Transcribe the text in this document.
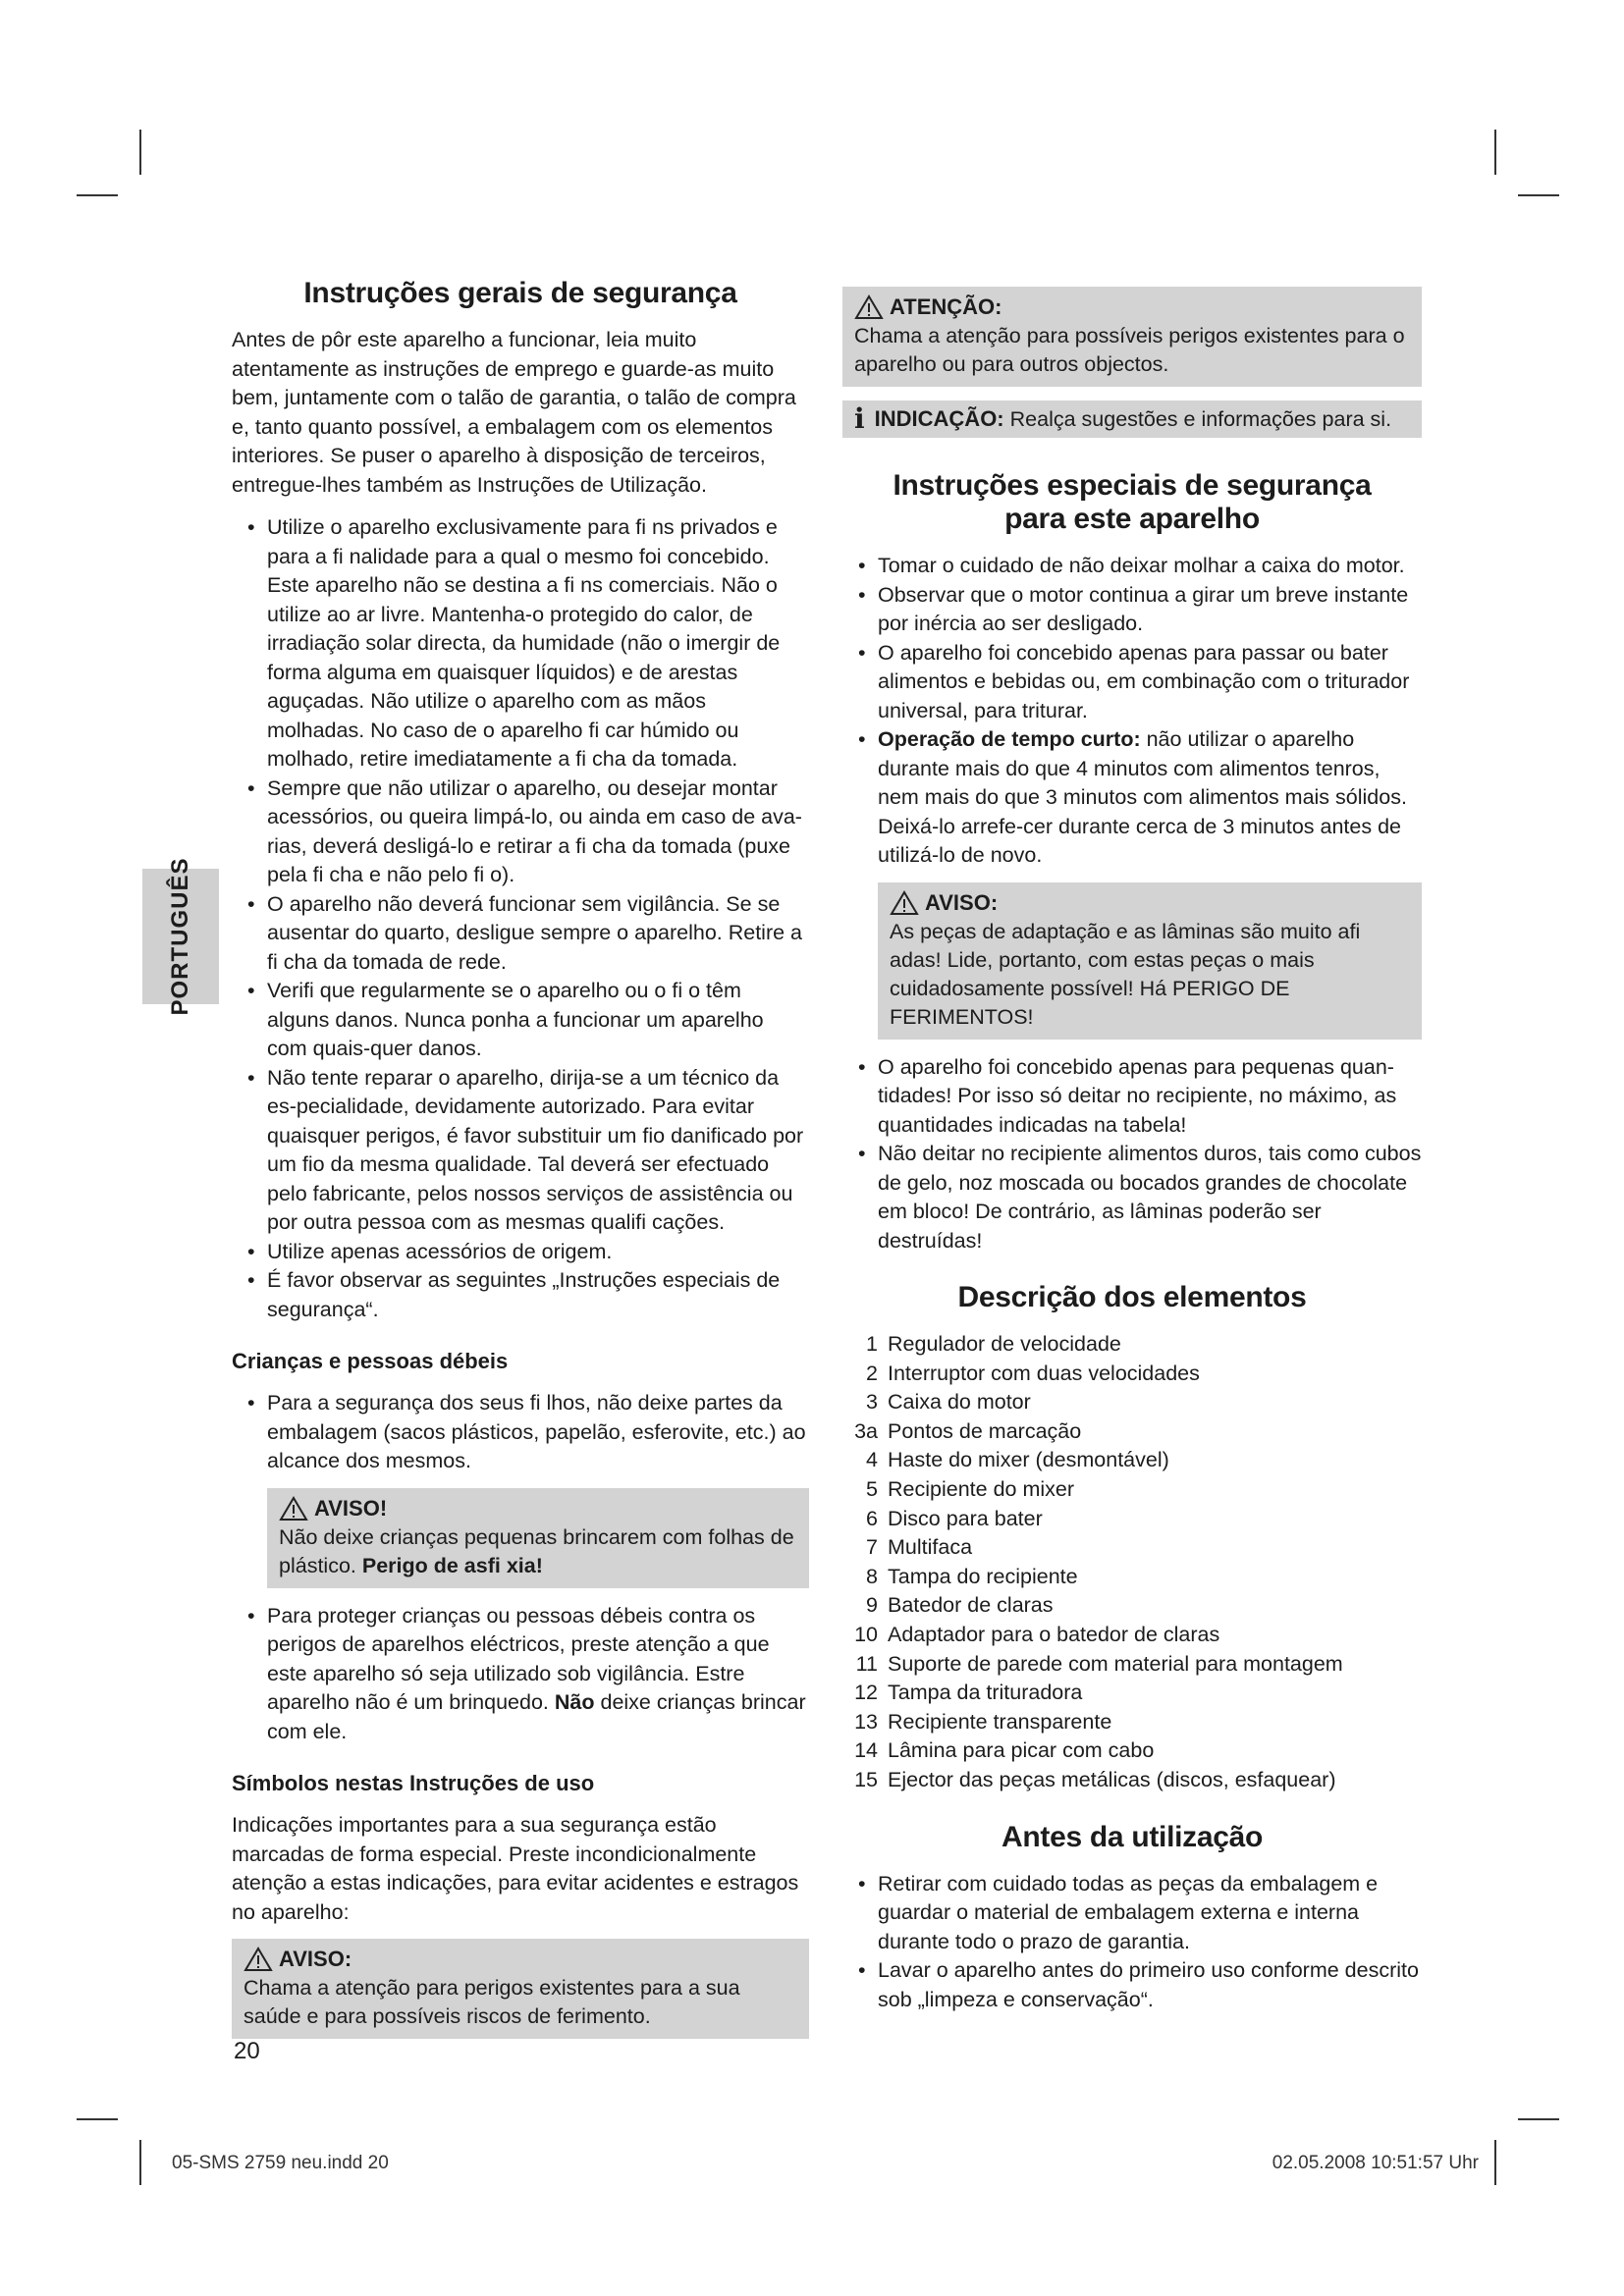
PORTUGUÊS
Instruções gerais de segurança

Antes de pôr este aparelho a funcionar, leia muito atentamente as instruções de emprego e guarde-as muito bem, juntamente com o talão de garantia, o talão de compra e, tanto quanto possível, a embalagem com os elementos interiores. Se puser o aparelho à disposição de terceiros, entregue-lhes também as Instruções de Utilização.

• Utilize o aparelho exclusivamente para fi ns privados e para a fi nalidade para a qual o mesmo foi concebido. Este aparelho não se destina a fi ns comerciais. Não o utilize ao ar livre. Mantenha-o protegido do calor, de irradiação solar directa, da humidade (não o imergir de forma alguma em quaisquer líquidos) e de arestas aguçadas. Não utilize o aparelho com as mãos molhadas. No caso de o aparelho fi car húmido ou molhado, retire imediatamente a fi cha da tomada.
• Sempre que não utilizar o aparelho, ou desejar montar acessórios, ou queira limpá-lo, ou ainda em caso de ava-rias, deverá desligá-lo e retirar a fi cha da tomada (puxe pela fi cha e não pelo fi o).
• O aparelho não deverá funcionar sem vigilância. Se se ausentar do quarto, desligue sempre o aparelho. Retire a fi cha da tomada de rede.
• Verifi que regularmente se o aparelho ou o fi o têm alguns danos. Nunca ponha a funcionar um aparelho com quais-quer danos.
• Não tente reparar o aparelho, dirija-se a um técnico da es-pecialidade, devidamente autorizado. Para evitar quaisquer perigos, é favor substituir um fio danificado por um fio da mesma qualidade. Tal deverá ser efectuado pelo fabricante, pelos nossos serviços de assistência ou por outra pessoa com as mesmas qualifi cações.
• Utilize apenas acessórios de origem.
• É favor observar as seguintes „Instruções especiais de segurança“.
Crianças e pessoas débeis
• Para a segurança dos seus fi lhos, não deixe partes da embalagem (sacos plásticos, papelão, esferovite, etc.) ao alcance dos mesmos.
AVISO!
Não deixe crianças pequenas brincarem com folhas de plástico. Perigo de asfi xia!
• Para proteger crianças ou pessoas débeis contra os perigos de aparelhos eléctricos, preste atenção a que este aparelho só seja utilizado sob vigilância. Estre aparelho não é um brinquedo. Não deixe crianças brincar com ele.
Símbolos nestas Instruções de uso

Indicações importantes para a sua segurança estão marcadas de forma especial. Preste incondicionalmente atenção a estas indicações, para evitar acidentes e estragos no aparelho:

AVISO:
Chama a atenção para perigos existentes para a sua saúde e para possíveis riscos de ferimento.
ATENÇÃO:
Chama a atenção para possíveis perigos existentes para o aparelho ou para outros objectos.
i INDICAÇÃO: Realça sugestões e informações para si.
Instruções especiais de segurança
para este aparelho
• Tomar o cuidado de não deixar molhar a caixa do motor.
• Observar que o motor continua a girar um breve instante por inércia ao ser desligado.
• O aparelho foi concebido apenas para passar ou bater alimentos e bebidas ou, em combinação com o triturador universal, para triturar.
• Operação de tempo curto: não utilizar o aparelho durante mais do que 4 minutos com alimentos tenros, nem mais do que 3 minutos com alimentos mais sólidos. Deixá-lo arrefe-cer durante cerca de 3 minutos antes de utilizá-lo de novo.
AVISO:
As peças de adaptação e as lâminas são muito afi adas! Lide, portanto, com estas peças o mais cuidadosamente possível! Há PERIGO DE FERIMENTOS!
• O aparelho foi concebido apenas para pequenas quan-tidades! Por isso só deitar no recipiente, no máximo, as quantidades indicadas na tabela!
• Não deitar no recipiente alimentos duros, tais como cubos de gelo, noz moscada ou bocados grandes de chocolate em bloco! De contrário, as lâminas poderão ser destruídas!
Descrição dos elementos
1 Regulador de velocidade
2 Interruptor com duas velocidades
3 Caixa do motor
3a Pontos de marcação
4 Haste do mixer (desmontável)
5 Recipiente do mixer
6 Disco para bater
7 Multifaca
8 Tampa do recipiente
9 Batedor de claras
10 Adaptador para o batedor de claras
11 Suporte de parede com material para montagem
12 Tampa da trituradora
13 Recipiente transparente
14 Lâmina para picar com cabo
15 Ejector das peças metálicas (discos, esfaquear)
Antes da utilização
• Retirar com cuidado todas as peças da embalagem e guardar o material de embalagem externa e interna durante todo o prazo de garantia.
• Lavar o aparelho antes do primeiro uso conforme descrito sob „limpeza e conservação“.
20
05-SMS 2759 neu.indd 20	02.05.2008 10:51:57 Uhr
